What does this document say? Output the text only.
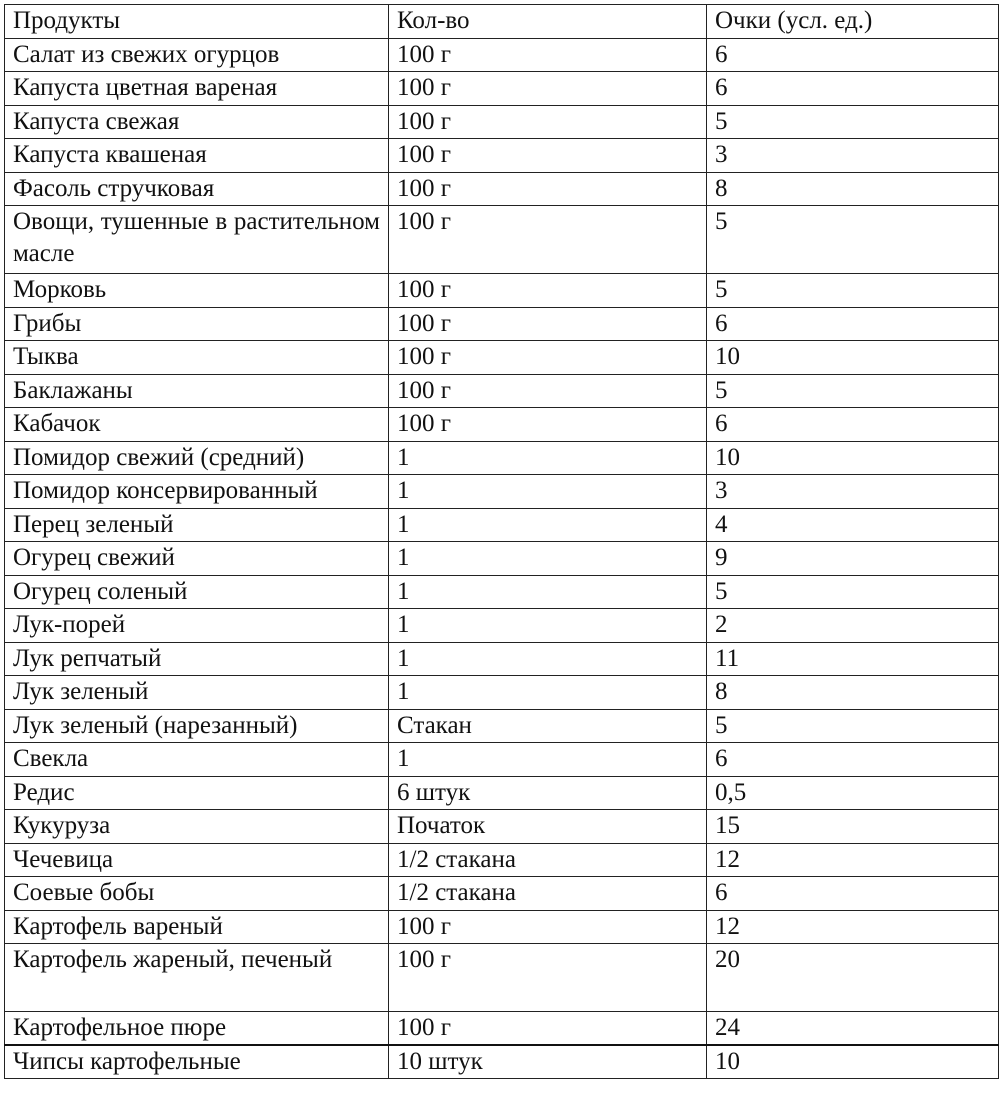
Продукты	Кол-во	Очки (усл. ед.)
Салат из свежих огурцов	100 г	6
Капуста цветная вареная	100 г	6
Капуста свежая	100 г	5
Капуста квашеная	100 г	3
Фасоль стручковая	100 г	8
Овощи, тушенные в растительном масле	100 г	5
Морковь	100 г	5
Грибы	100 г	6
Тыква	100 г	10
Баклажаны	100 г	5
Кабачок	100 г	6
Помидор свежий (средний)	1	10
Помидор консервированный	1	3
Перец зеленый	1	4
Огурец свежий	1	9
Огурец соленый	1	5
Лук-порей	1	2
Лук репчатый	1	11
Лук зеленый	1	8
Лук зеленый (нарезанный)	Стакан	5
Свекла	1	6
Редис	6 штук	0,5
Кукуруза	Початок	15
Чечевица	1/2 стакана	12
Соевые бобы	1/2 стакана	6
Картофель вареный	100 г	12
Картофель жареный, печеный	100 г	20
Картофельное пюре	100 г	24
Чипсы картофельные	10 штук	10
